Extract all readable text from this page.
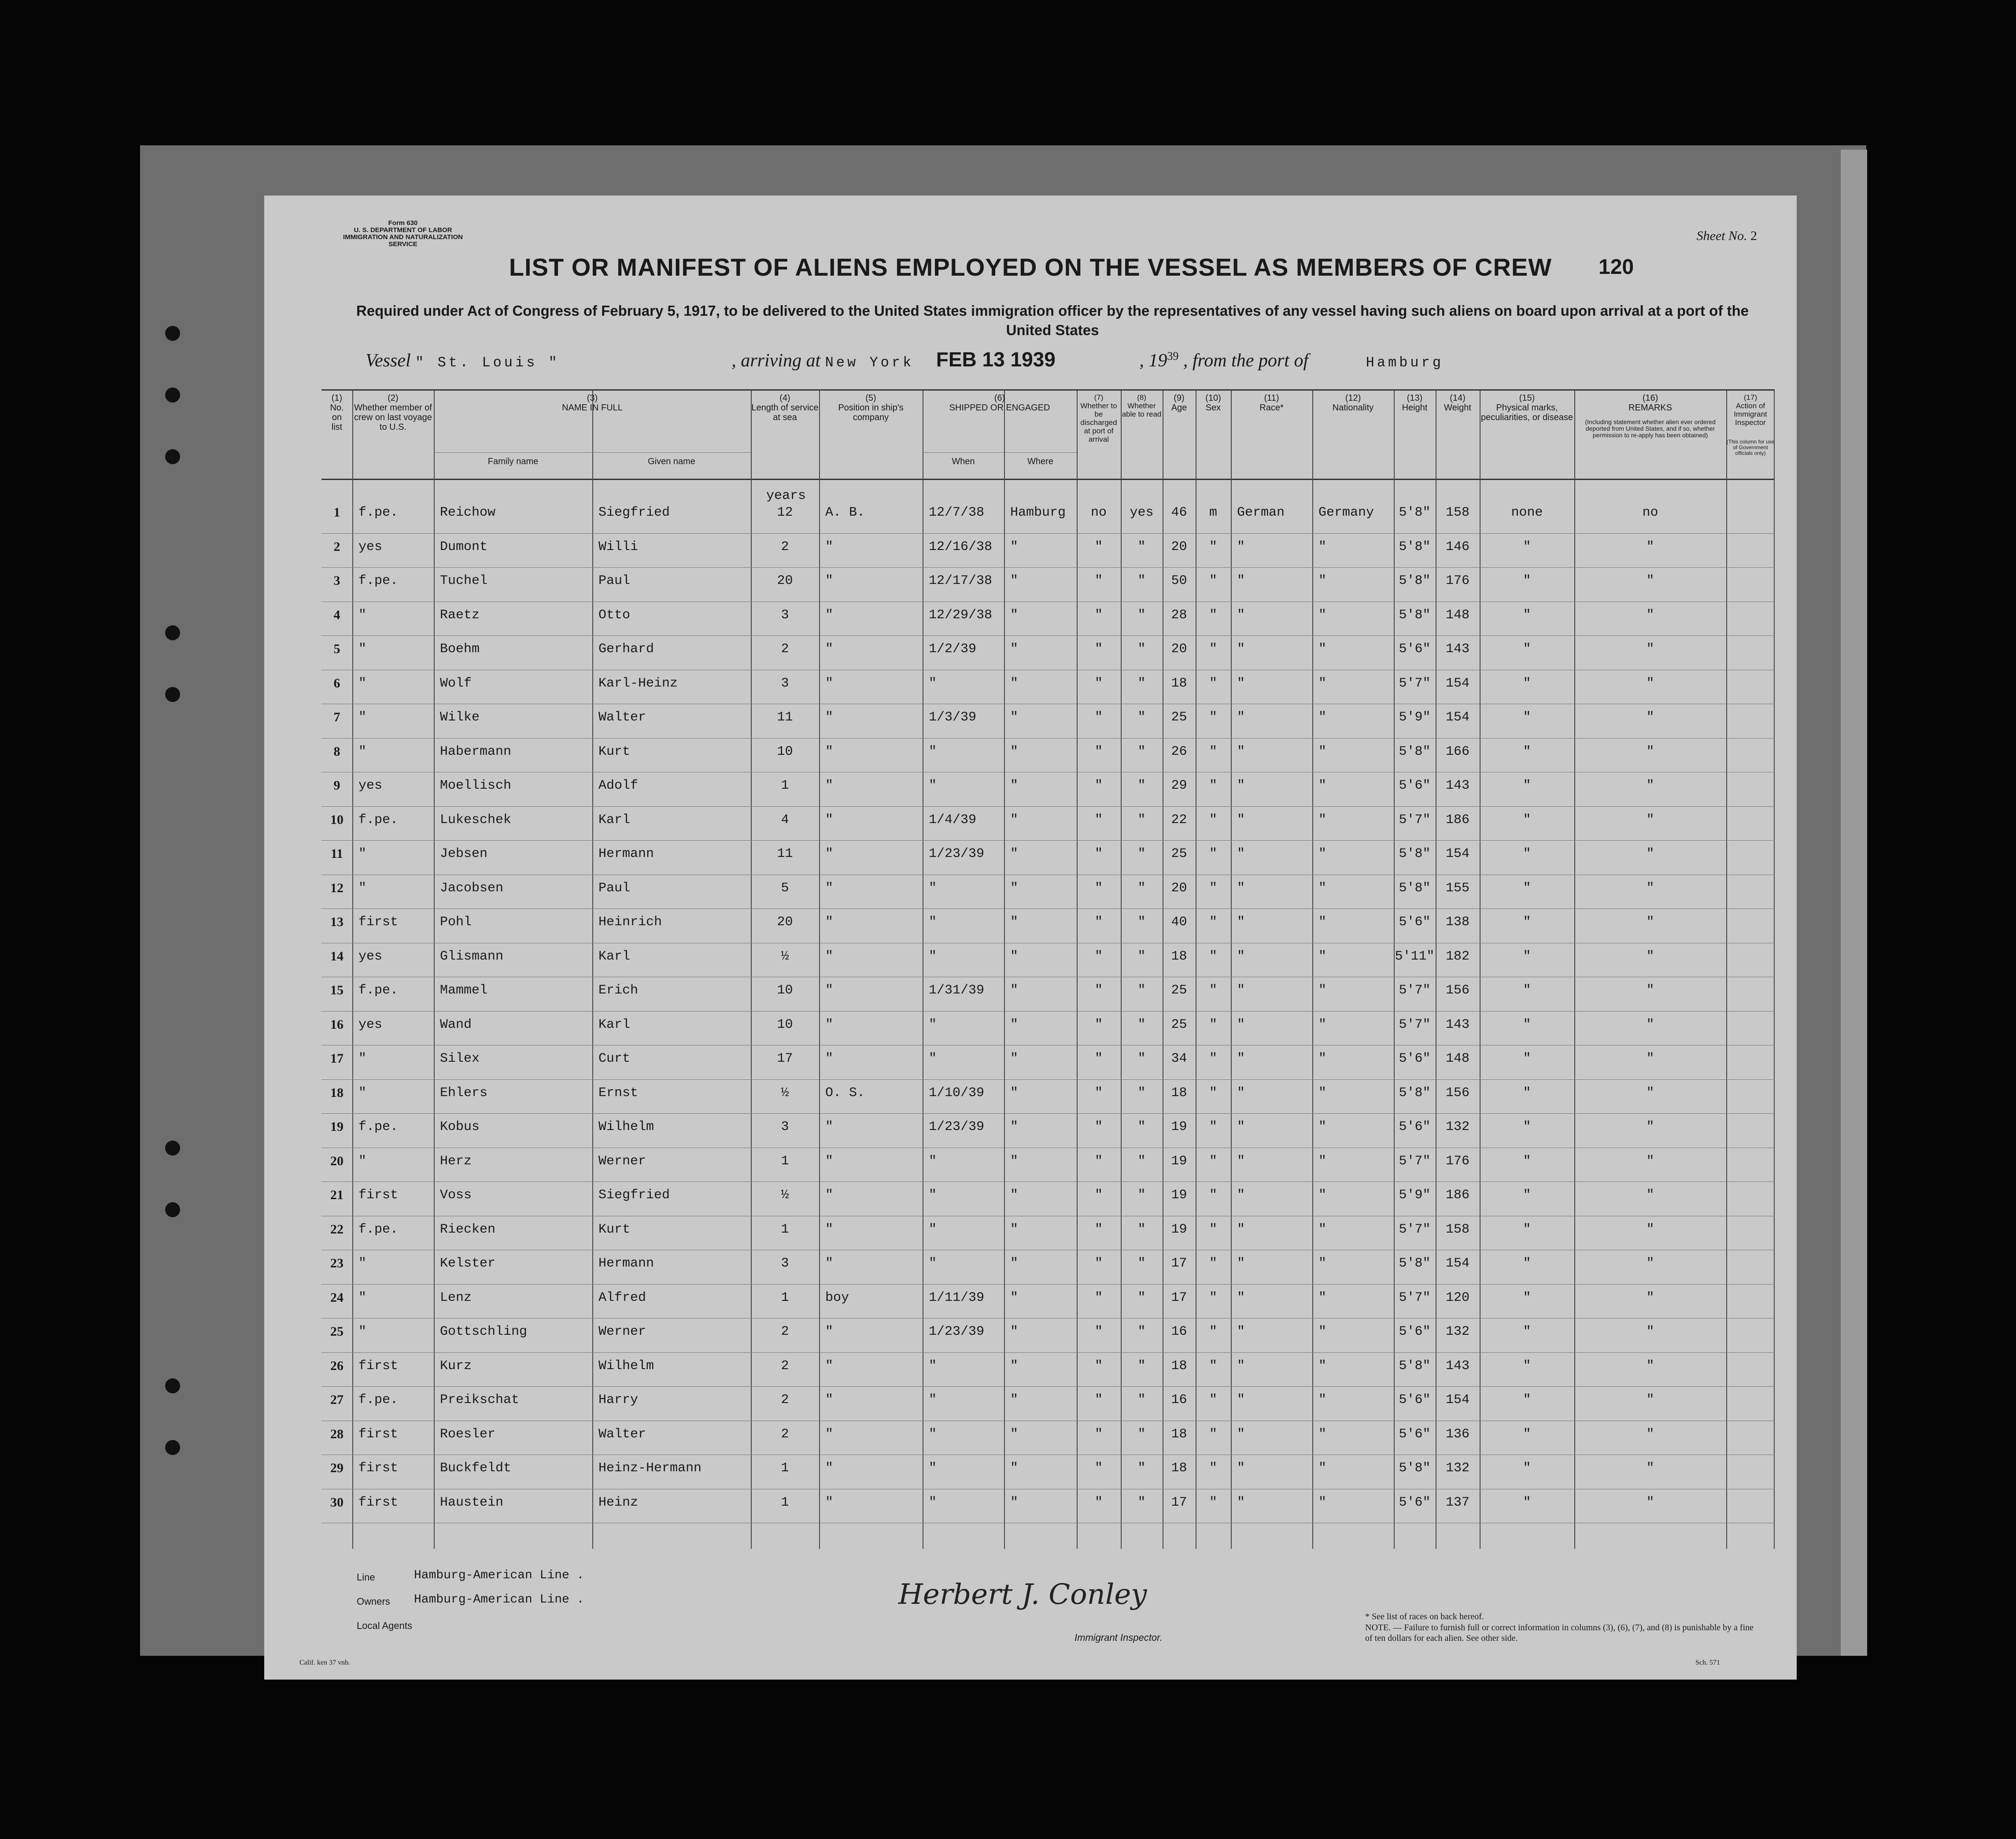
Form 630
U. S. DEPARTMENT OF LABOR
IMMIGRATION AND NATURALIZATION SERVICE
Sheet No. 2
LIST OR MANIFEST OF ALIENS EMPLOYED ON THE VESSEL AS MEMBERS OF CREW	120
Required under Act of Congress of February 5, 1917, to be delivered to the United States immigration officer by the representatives of any vessel having such aliens on board upon arrival at a port of the United States
Vessel " St. Louis "	, arriving at New York FEB 13 1939	, $19^{39}$ , from the port of	Hamburg
(1)
No.
on
list
(2)
Whether member of crew on last voyage to U.S.
(3)
NAME IN FULL
Family name	Given name
(4)
Length of service at sea
(5)
Position in ship's company
(6)
SHIPPED OR ENGAGED
When	Where
(7)
Whether to be discharged at port of arrival
(8)
Whether able to read
(9)
Age
(10)
Sex
(11)
Race*
(12)
Nationality
(13)
Height
(14)
Weight
(15)
Physical marks, peculiarities, or disease
(16)
REMARKS
(Including statement whether alien ever ordered deported from United States, and if so, whether permission to re-apply has been obtained)
(17)
Action of Immigrant Inspector
(This column for use of Government officials only)
years
1	f.pe.	Reichow	Siegfried	12	A. B.	12/7/38 Hamburg	no	yes	46	m	German	Germany	5'8"	158	none	no
2	yes	Dumont	Willi	2	"	12/16/38 "	"	"	20	"	"	"	5'8"	146	"	"
3	f.pe.	Tuchel	Paul	20	"	12/17/38 "	"	"	50	"	"	"	5'8"	176	"	"
4	"	Raetz	Otto	3	"	12/29/38 "	"	"	28	"	"	"	5'8"	148	"	"
5	"	Boehm	Gerhard	2	"	1/2/39	"	"	"	20	"	"	"	5'6"	143	"	"
6	"	Wolf	Karl-Heinz	3	"	"	"	"	"	18	"	"	"	5'7"	154	"	"
7	"	Wilke	Walter	11	"	1/3/39	"	"	"	25	"	"	"	5'9"	154	"	"
8	"	Habermann	Kurt	10	"	"	"	"	"	26	"	"	"	5'8"	166	"	"
9	yes	Moellisch	Adolf	1	"	"	"	"	"	29	"	"	"	5'6"	143	"	"
10	f.pe.	Lukeschek	Karl	4	"	1/4/39	"	"	"	22	"	"	"	5'7"	186	"	"
11	"	Jebsen	Hermann	11	"	1/23/39 "	"	"	25	"	"	"	5'8"	154	"	"
12	"	Jacobsen	Paul	5	"	"	"	"	"	20	"	"	"	5'8"	155	"	"
13	first	Pohl	Heinrich	20	"	"	"	"	"	40	"	"	"	5'6"	138	"	"
14	yes	Glismann	Karl	½	"	"	"	"	"	18	"	"	"	5'11" 182	"	"
15	f.pe.	Mammel	Erich	10	"	1/31/39 "	"	"	25	"	"	"	5'7"	156	"	"
16	yes	Wand	Karl	10	"	"	"	"	"	25	"	"	"	5'7"	143	"	"
17	"	Silex	Curt	17	"	"	"	"	"	34	"	"	"	5'6"	148	"	"
18	"	Ehlers	Ernst	½	O. S.	1/10/39 "	"	"	18	"	"	"	5'8"	156	"	"
19	f.pe.	Kobus	Wilhelm	3	"	1/23/39 "	"	"	19	"	"	"	5'6"	132	"	"
20	"	Herz	Werner	1	"	"	"	"	"	19	"	"	"	5'7"	176	"	"
21	first	Voss	Siegfried	½	"	"	"	"	"	19	"	"	"	5'9"	186	"	"
22	f.pe.	Riecken	Kurt	1	"	"	"	"	"	19	"	"	"	5'7"	158	"	"
23	"	Kelster	Hermann	3	"	"	"	"	"	17	"	"	"	5'8"	154	"	"
24	"	Lenz	Alfred	1	boy	1/11/39 "	"	"	17	"	"	"	5'7"	120	"	"
25	"	Gottschling	Werner	2	"	1/23/39 "	"	"	16	"	"	"	5'6"	132	"	"
26	first	Kurz	Wilhelm	2	"	"	"	"	"	18	"	"	"	5'8"	143	"	"
27	f.pe.	Preikschat	Harry	2	"	"	"	"	"	16	"	"	"	5'6"	154	"	"
28	first	Roesler	Walter	2	"	"	"	"	"	18	"	"	"	5'6"	136	"	"
29	first	Buckfeldt	Heinz-Hermann	1	"	"	"	"	"	18	"	"	"	5'8"	132	"	"
30	first	Haustein	Heinz	1	"	"	"	"	"	17	"	"	"	5'6"	137	"	"
Line	Hamburg-American Line .
Owners Hamburg-American Line .
Local Agents
Herbert J. Conley
Immigrant Inspector.
* See list of races on back hereof.
NOTE. — Failure to furnish full or correct information in columns (3), (6), (7), and (8) is punishable by a fine of ten dollars for each alien. See other side.
Calif. ken 37 vnb.	Sch. 571
